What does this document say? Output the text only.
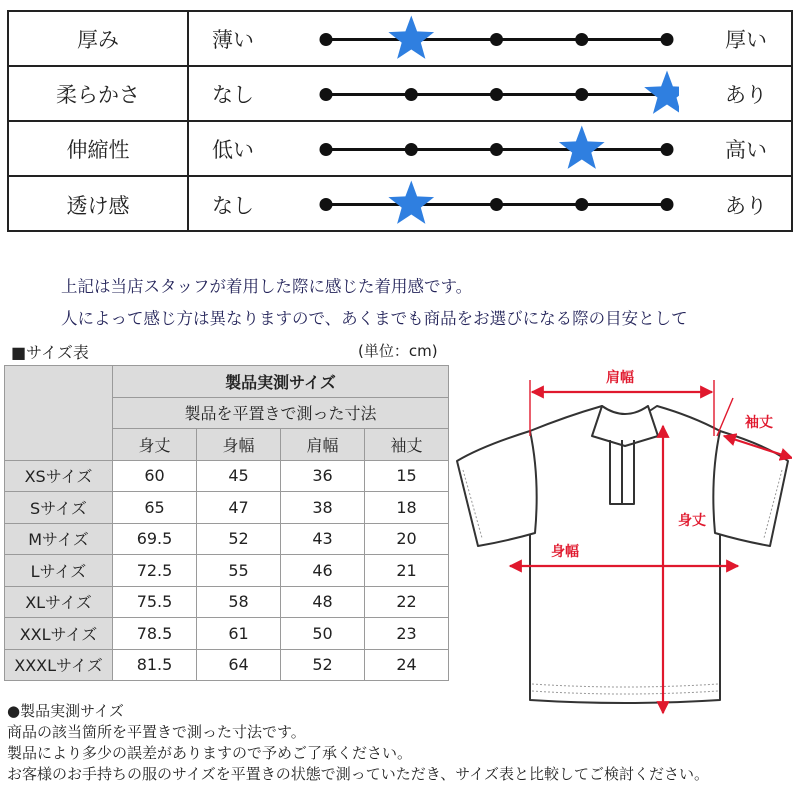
厚み	薄い	厚い
柔らかさ	なし	あり
伸縮性	低い	高い
透け感	なし	あり
上記は当店スタッフが着用した際に感じた着用感です。
人によって感じ方は異なりますので、あくまでも商品をお選びになる際の目安として
■サイズ表	(単位：cm)
	製品実測サイズ			
	製品を平置きで測った寸法			
	身丈	身幅	肩幅	袖丈
XSサイズ	60	45	36	15
Sサイズ	65	47	38	18
Mサイズ	69.5	52	43	20
Lサイズ	72.5	55	46	21
XLサイズ	75.5	58	48	22
XXLサイズ	78.5	61	50	23
XXXLサイズ	81.5	64	52	24
肩幅
袖丈
身丈
身幅
●製品実測サイズ
商品の該当箇所を平置きで測った寸法です。
製品により多少の誤差がありますので予めご了承ください。
お客様のお手持ちの服のサイズを平置きの状態で測っていただき、サイズ表と比較してご検討ください。
